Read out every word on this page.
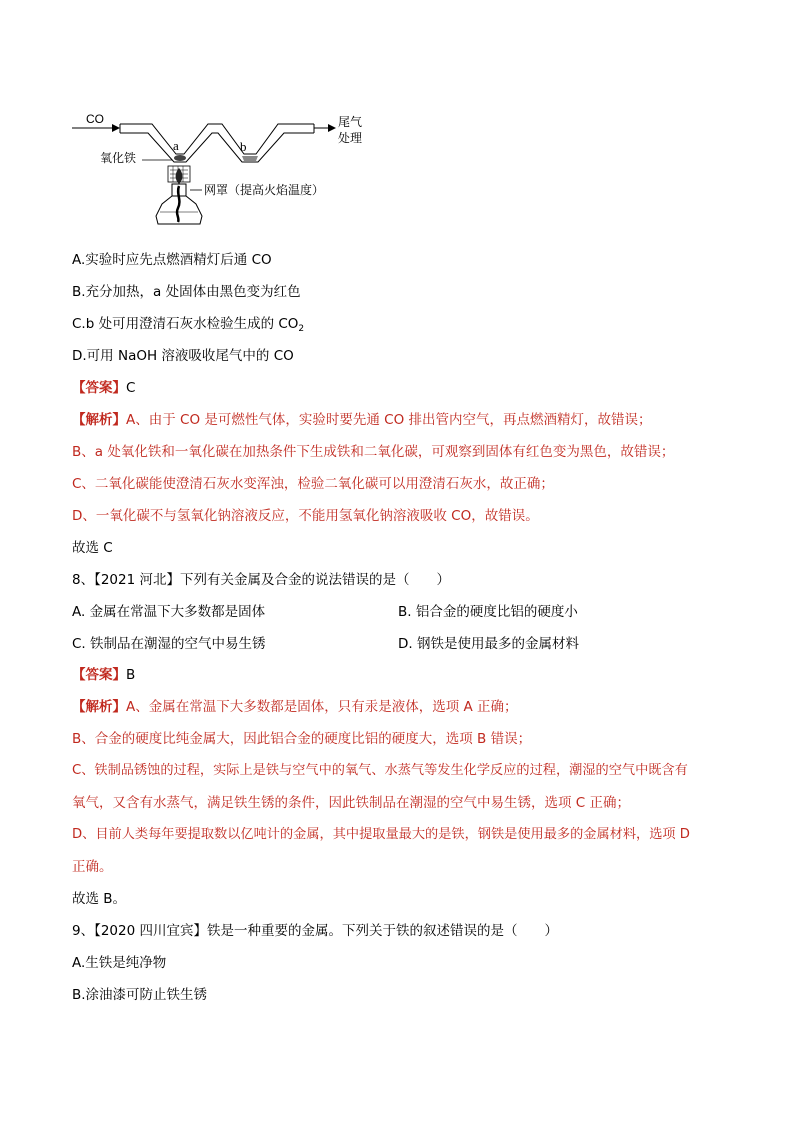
CO
a	b
尾气
处理
氧化铁
网罩（提高火焰温度）
A.实验时应先点燃酒精灯后通 CO
B.充分加热，a 处固体由黑色变为红色
C.b 处可用澄清石灰水检验生成的 $CO_2$
D.可用 NaOH 溶液吸收尾气中的 CO
【答案】C
【解析】A、由于 CO 是可燃性气体，实验时要先通 CO 排出管内空气，再点燃酒精灯，故错误；
B、a 处氧化铁和一氧化碳在加热条件下生成铁和二氧化碳，可观察到固体有红色变为黑色，故错误；
C、二氧化碳能使澄清石灰水变浑浊，检验二氧化碳可以用澄清石灰水，故正确；
D、一氧化碳不与氢氧化钠溶液反应，不能用氢氧化钠溶液吸收 CO，故错误。
故选 C
8、【2021 河北】下列有关金属及合金的说法错误的是（　　）
A. 金属在常温下大多数都是固体	B. 铝合金的硬度比铝的硬度小
C. 铁制品在潮湿的空气中易生锈	D. 钢铁是使用最多的金属材料
【答案】B
【解析】A、金属在常温下大多数都是固体，只有汞是液体，选项 A 正确；
B、合金的硬度比纯金属大，因此铝合金的硬度比铝的硬度大，选项 B 错误；
C、铁制品锈蚀的过程，实际上是铁与空气中的氧气、水蒸气等发生化学反应的过程，潮湿的空气中既含有
氧气，又含有水蒸气，满足铁生锈的条件，因此铁制品在潮湿的空气中易生锈，选项 C 正确；
D、目前人类每年要提取数以亿吨计的金属，其中提取量最大的是铁，钢铁是使用最多的金属材料，选项 D
正确。
故选 B。
9、【2020 四川宜宾】铁是一种重要的金属。下列关于铁的叙述错误的是（　　）
A.生铁是纯净物
B.涂油漆可防止铁生锈
